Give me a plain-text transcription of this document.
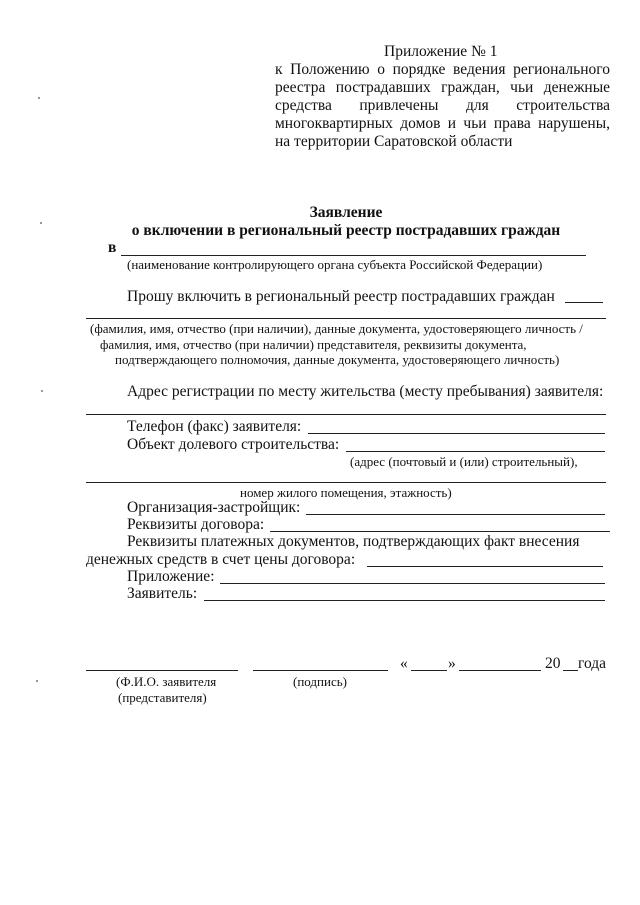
Приложение № 1
к Положению о порядке ведения регионального
реестра пострадавших граждан, чьи денежные
средства привлечены для строительства
многоквартирных домов и чьи права нарушены,
на территории Саратовской области
Заявление
о включении в региональный реестр пострадавших граждан
в
(наименование контролирующего органа субъекта Российской Федерации)
Прошу включить в региональный реестр пострадавших граждан
(фамилия, имя, отчество (при наличии), данные документа, удостоверяющего личность /
фамилия, имя, отчество (при наличии) представителя, реквизиты документа,
подтверждающего полномочия, данные документа, удостоверяющего личность)
Адрес регистрации по месту жительства (месту пребывания) заявителя:
Телефон (факс) заявителя:
Объект долевого строительства:
(адрес (почтовый и (или) строительный),
номер жилого помещения, этажность)
Организация-застройщик:
Реквизиты договора:
Реквизиты платежных документов, подтверждающих факт внесения
денежных средств в счет цены договора:
Приложение:
Заявитель:
«	»	20 года
(Ф.И.О. заявителя
(представителя)
(подпись)
